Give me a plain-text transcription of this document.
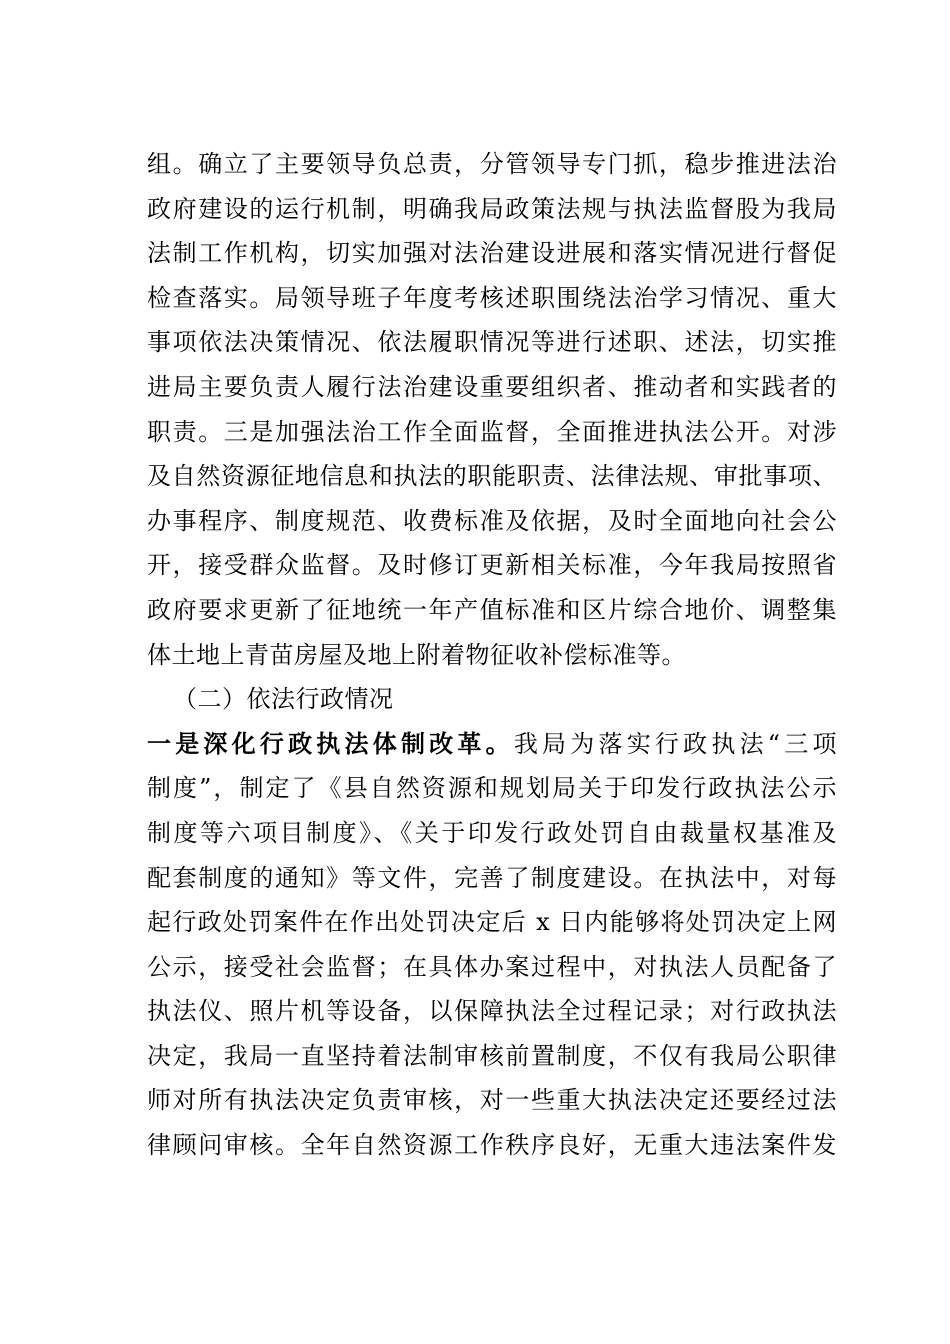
组。确立了主要领导负总责，分管领导专门抓，稳步推进法治
政府建设的运行机制，明确我局政策法规与执法监督股为我局
法制工作机构，切实加强对法治建设进展和落实情况进行督促
检查落实。局领导班子年度考核述职围绕法治学习情况、重大
事项依法决策情况、依法履职情况等进行述职、述法，切实推
进局主要负责人履行法治建设重要组织者、推动者和实践者的
职责。三是加强法治工作全面监督，全面推进执法公开。对涉
及自然资源征地信息和执法的职能职责、法律法规、审批事项、
办事程序、制度规范、收费标准及依据，及时全面地向社会公
开，接受群众监督。及时修订更新相关标准，今年我局按照省
政府要求更新了征地统一年产值标准和区片综合地价、调整集
体土地上青苗房屋及地上附着物征收补偿标准等。
（二）依法行政情况
一是深化行政执法体制改革。我局为落实行政执法“三项
制度”，制定了《县自然资源和规划局关于印发行政执法公示
制度等六项目制度》、《关于印发行政处罚自由裁量权基准及
配套制度的通知》等文件，完善了制度建设。在执法中，对每
起行政处罚案件在作出处罚决定后 x 日内能够将处罚决定上网
公示，接受社会监督；在具体办案过程中，对执法人员配备了
执法仪、照片机等设备，以保障执法全过程记录；对行政执法
决定，我局一直坚持着法制审核前置制度，不仅有我局公职律
师对所有执法决定负责审核，对一些重大执法决定还要经过法
律顾问审核。全年自然资源工作秩序良好，无重大违法案件发
